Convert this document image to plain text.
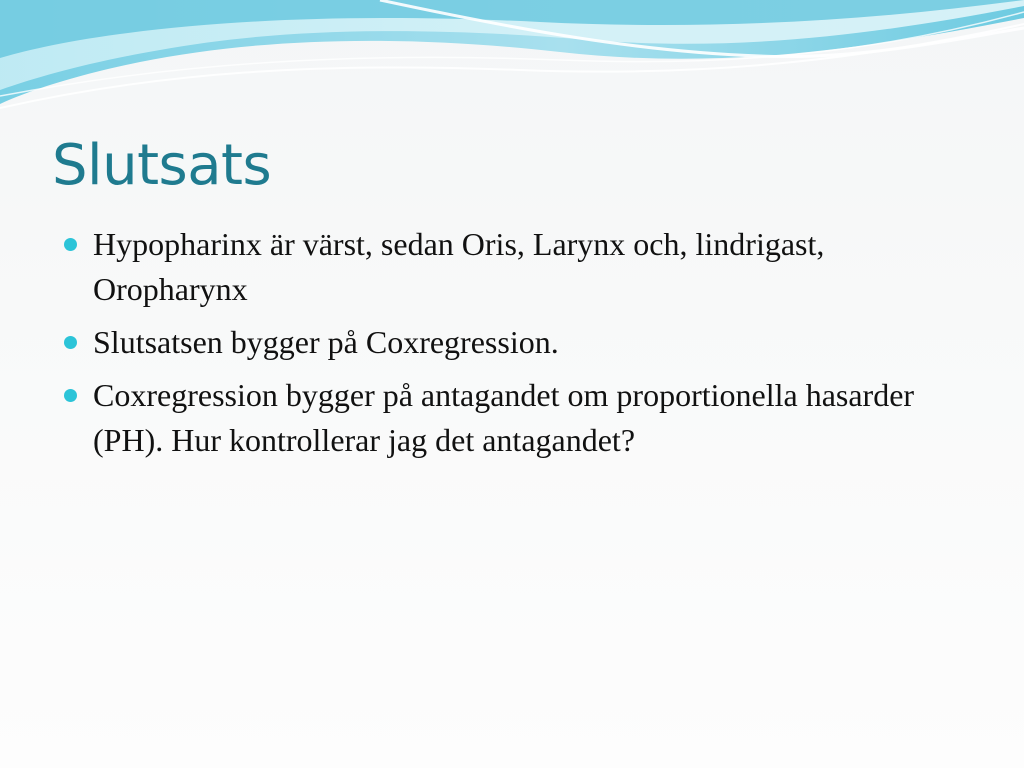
Slutsats
Hypopharinx är värst, sedan Oris, Larynx och, lindrigast,  Oropharynx
Slutsatsen bygger på Coxregression.
Coxregression bygger på antagandet om proportionella hasarder (PH). Hur kontrollerar jag det antagandet?
